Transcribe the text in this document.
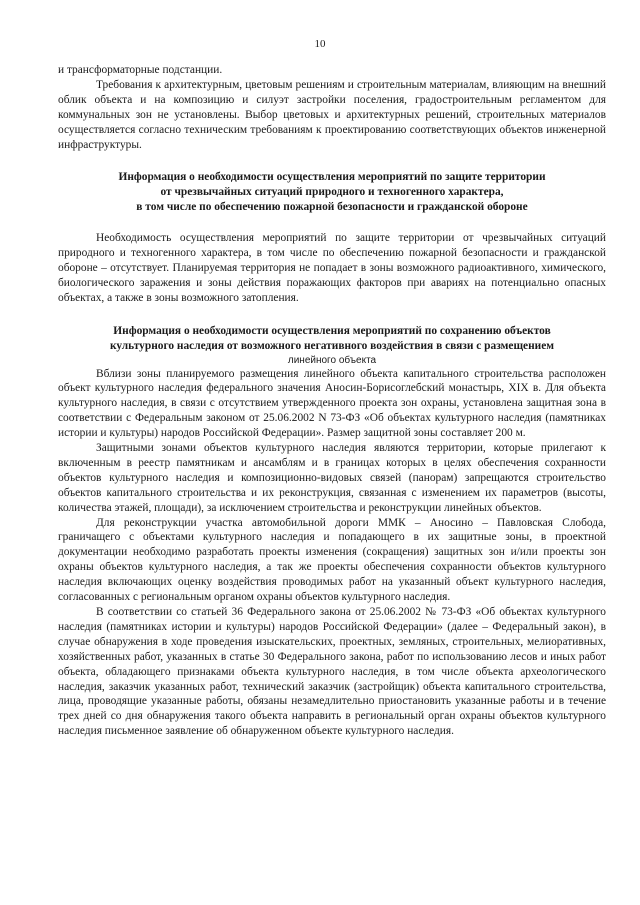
10

и трансформаторные подстанции.

Требования к архитектурным, цветовым решениям и строительным материалам, влияющим на внешний облик объекта и на композицию и силуэт застройки поселения, градостроительным регламентом для коммунальных зон не установлены. Выбор цветовых и архитектурных решений, строительных материалов осуществляется согласно техническим требованиям к проектированию соответствующих объектов инженерной инфраструктуры.

Информация о необходимости осуществления мероприятий по защите территории
от чрезвычайных ситуаций природного и техногенного характера,
в том числе по обеспечению пожарной безопасности и гражданской обороне

Необходимость осуществления мероприятий по защите территории от чрезвычайных ситуаций природного и техногенного характера, в том числе по обеспечению пожарной безопасности и гражданской обороне – отсутствует. Планируемая территория не попадает в зоны возможного радиоактивного, химического, биологического заражения и зоны действия поражающих факторов при авариях на потенциально опасных объектах, а также в зоны возможного затопления.

Информация о необходимости осуществления мероприятий по сохранению объектов
культурного наследия от возможного негативного воздействия в связи с размещением
линейного объекта

Вблизи зоны планируемого размещения линейного объекта капитального строительства расположен объект культурного наследия федерального значения Аносин-Борисоглебский монастырь, XIX в. Для объекта культурного наследия, в связи с отсутствием утвержденного проекта зон охраны, установлена защитная зона в соответствии с Федеральным законом от 25.06.2002 N 73-ФЗ «Об объектах культурного наследия (памятниках истории и культуры) народов Российской Федерации». Размер защитной зоны составляет 200 м.

Защитными зонами объектов культурного наследия являются территории, которые прилегают к включенным в реестр памятникам и ансамблям и в границах которых в целях обеспечения сохранности объектов культурного наследия и композиционно-видовых связей (панорам) запрещаются строительство объектов капитального строительства и их реконструкция, связанная с изменением их параметров (высоты, количества этажей, площади), за исключением строительства и реконструкции линейных объектов.

Для реконструкции участка автомобильной дороги ММК – Аносино – Павловская Слобода, граничащего с объектами культурного наследия и попадающего в их защитные зоны, в проектной документации необходимо разработать проекты изменения (сокращения) защитных зон и/или проекты зон охраны объектов культурного наследия, а так же проекты обеспечения сохранности объектов культурного наследия включающих оценку воздействия проводимых работ на указанный объект культурного наследия, согласованных с региональным органом охраны объектов культурного наследия.

В соответствии со статьей 36 Федерального закона от 25.06.2002 № 73-ФЗ «Об объектах культурного наследия (памятниках истории и культуры) народов Российской Федерации» (далее – Федеральный закон), в случае обнаружения в ходе проведения изыскательских, проектных, земляных, строительных, мелиоративных, хозяйственных работ, указанных в статье 30 Федерального закона, работ по использованию лесов и иных работ объекта, обладающего признаками объекта культурного наследия, в том числе объекта археологического наследия, заказчик указанных работ, технический заказчик (застройщик) объекта капитального строительства, лица, проводящие указанные работы, обязаны незамедлительно приостановить указанные работы и в течение трех дней со дня обнаружения такого объекта направить в региональный орган охраны объектов культурного наследия письменное заявление об обнаруженном объекте культурного наследия.
